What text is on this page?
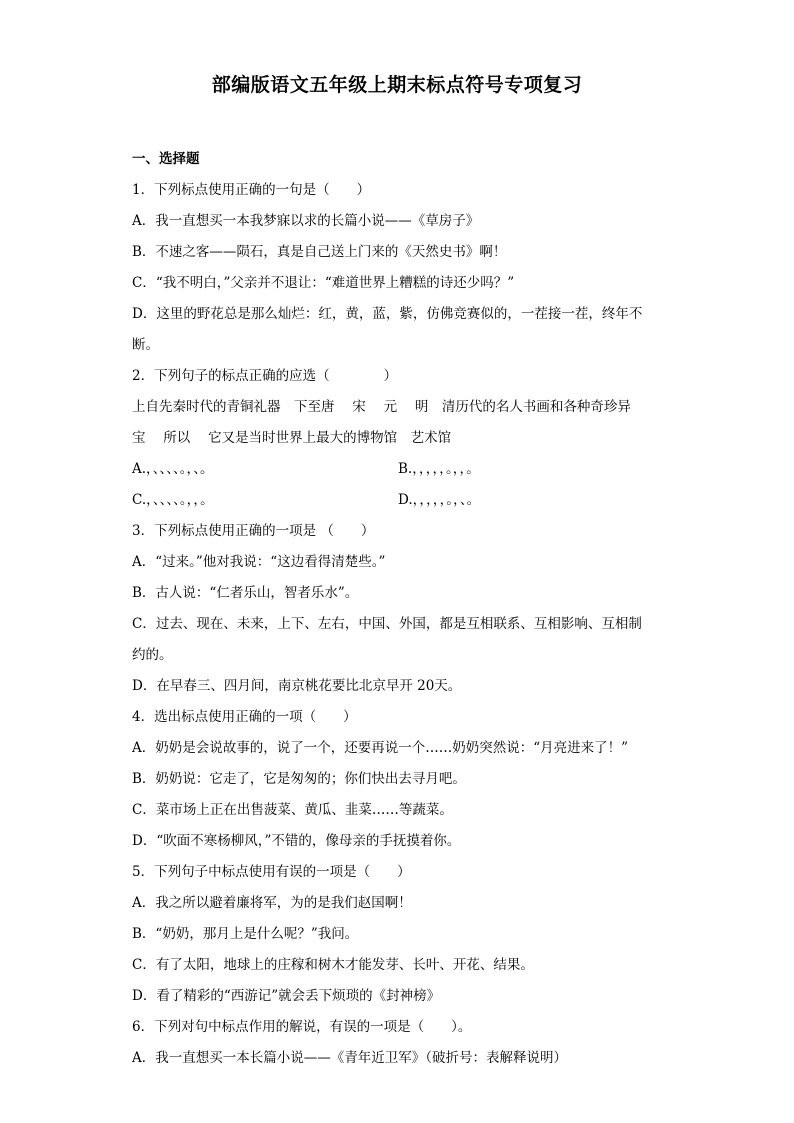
部编版语文五年级上期末标点符号专项复习
一、选择题
1．下列标点使用正确的一句是（　　）
A．我一直想买一本我梦寐以求的长篇小说——《草房子》
B．不速之客——陨石，真是自己送上门来的《天然史书》啊！
C．“我不明白，”父亲并不退让：“难道世界上糟糕的诗还少吗？”
D．这里的野花总是那么灿烂：红，黄，蓝，紫，仿佛竞赛似的，一茬接一茬，终年不
断。
2．下列句子的标点正确的应选（　　　　）
上自先秦时代的青铜礼器　下至唐　 宋　 元　 明　清历代的名人书画和各种奇珍异
宝　 所以　 它又是当时世界上最大的博物馆　艺术馆
A.，、、、、。，、。	B.，，，，，。，，。
C.，、、、、。，，。	D.，，，，，。，、。
3．下列标点使用正确的一项是 （　　）
A．“过来。”他对我说：“这边看得清楚些。”
B．古人说：“仁者乐山，智者乐水”。
C．过去、现在、未来，上下、左右，中国、外国，都是互相联系、互相影响、互相制
约的。
D．在早春三、四月间，南京桃花要比北京早开 20天。
4．选出标点使用正确的一项（　　）
A．奶奶是会说故事的，说了一个，还要再说一个……奶奶突然说：“月亮进来了！”
B．奶奶说：它走了，它是匆匆的；你们快出去寻月吧。
C．菜市场上正在出售菠菜、黄瓜、韭菜……等蔬菜。
D．“吹面不寒杨柳风，”不错的，像母亲的手抚摸着你。
5．下列句子中标点使用有误的一项是（　　）
A．我之所以避着廉将军，为的是我们赵国啊！
B．“奶奶，那月上是什么呢？”我问。
C．有了太阳，地球上的庄稼和树木才能发芽、长叶、开花、结果。
D．看了精彩的“西游记”就会丢下烦琐的《封神榜》
6．下列对句中标点作用的解说，有误的一项是（　　）。
A．我一直想买一本长篇小说——《青年近卫军》（破折号：表解释说明）
